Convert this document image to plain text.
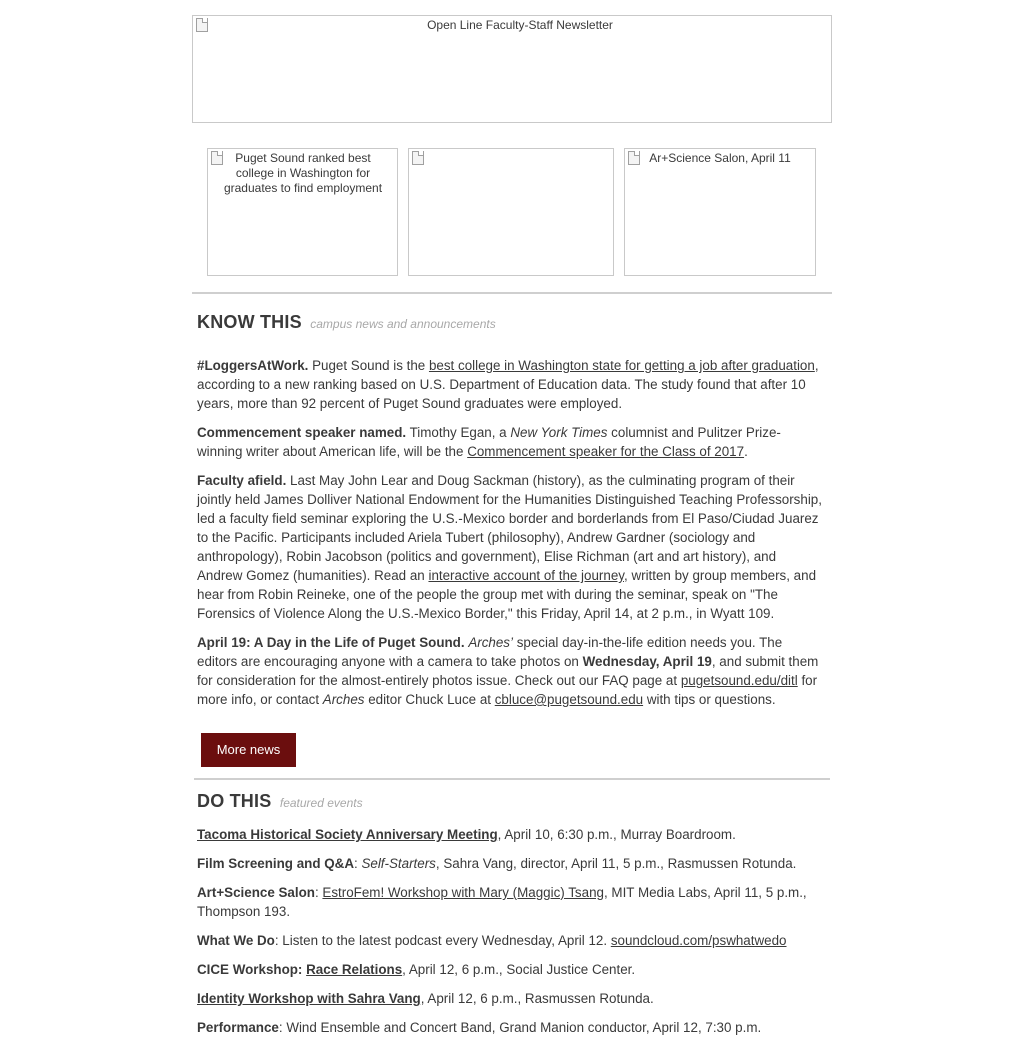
Open Line Faculty-Staff Newsletter
Puget Sound ranked best college in Washington for graduates to find employment
Ar+Science Salon, April 11
KNOW THIS campus news and announcements

#LoggersAtWork. Puget Sound is the best college in Washington state for getting a job after graduation, according to a new ranking based on U.S. Department of Education data. The study found that after 10 years, more than 92 percent of Puget Sound graduates were employed.

Commencement speaker named. Timothy Egan, a New York Times columnist and Pulitzer Prize-winning writer about American life, will be the Commencement speaker for the Class of 2017.

Faculty afield. Last May John Lear and Doug Sackman (history), as the culminating program of their jointly held James Dolliver National Endowment for the Humanities Distinguished Teaching Professorship, led a faculty field seminar exploring the U.S.-Mexico border and borderlands from El Paso/Ciudad Juarez to the Pacific. Participants included Ariela Tubert (philosophy), Andrew Gardner (sociology and anthropology), Robin Jacobson (politics and government), Elise Richman (art and art history), and Andrew Gomez (humanities). Read an interactive account of the journey, written by group members, and hear from Robin Reineke, one of the people the group met with during the seminar, speak on "The Forensics of Violence Along the U.S.-Mexico Border," this Friday, April 14, at 2 p.m., in Wyatt 109.

April 19: A Day in the Life of Puget Sound. Arches’ special day-in-the-life edition needs you. The editors are encouraging anyone with a camera to take photos on Wednesday, April 19, and submit them for consideration for the almost-entirely photos issue. Check out our FAQ page at pugetsound.edu/ditl for more info, or contact Arches editor Chuck Luce at cbluce@pugetsound.edu with tips or questions.

More news
DO THIS featured events

Tacoma Historical Society Anniversary Meeting, April 10, 6:30 p.m., Murray Boardroom.

Film Screening and Q&A: Self-Starters, Sahra Vang, director, April 11, 5 p.m., Rasmussen Rotunda.

Art+Science Salon: EstroFem! Workshop with Mary (Maggic) Tsang, MIT Media Labs, April 11, 5 p.m., Thompson 193.

What We Do: Listen to the latest podcast every Wednesday, April 12. soundcloud.com/pswhatwedo

CICE Workshop: Race Relations, April 12, 6 p.m., Social Justice Center.

Identity Workshop with Sahra Vang, April 12, 6 p.m., Rasmussen Rotunda.

Performance: Wind Ensemble and Concert Band, Grand Manion conductor, April 12, 7:30 p.m.
